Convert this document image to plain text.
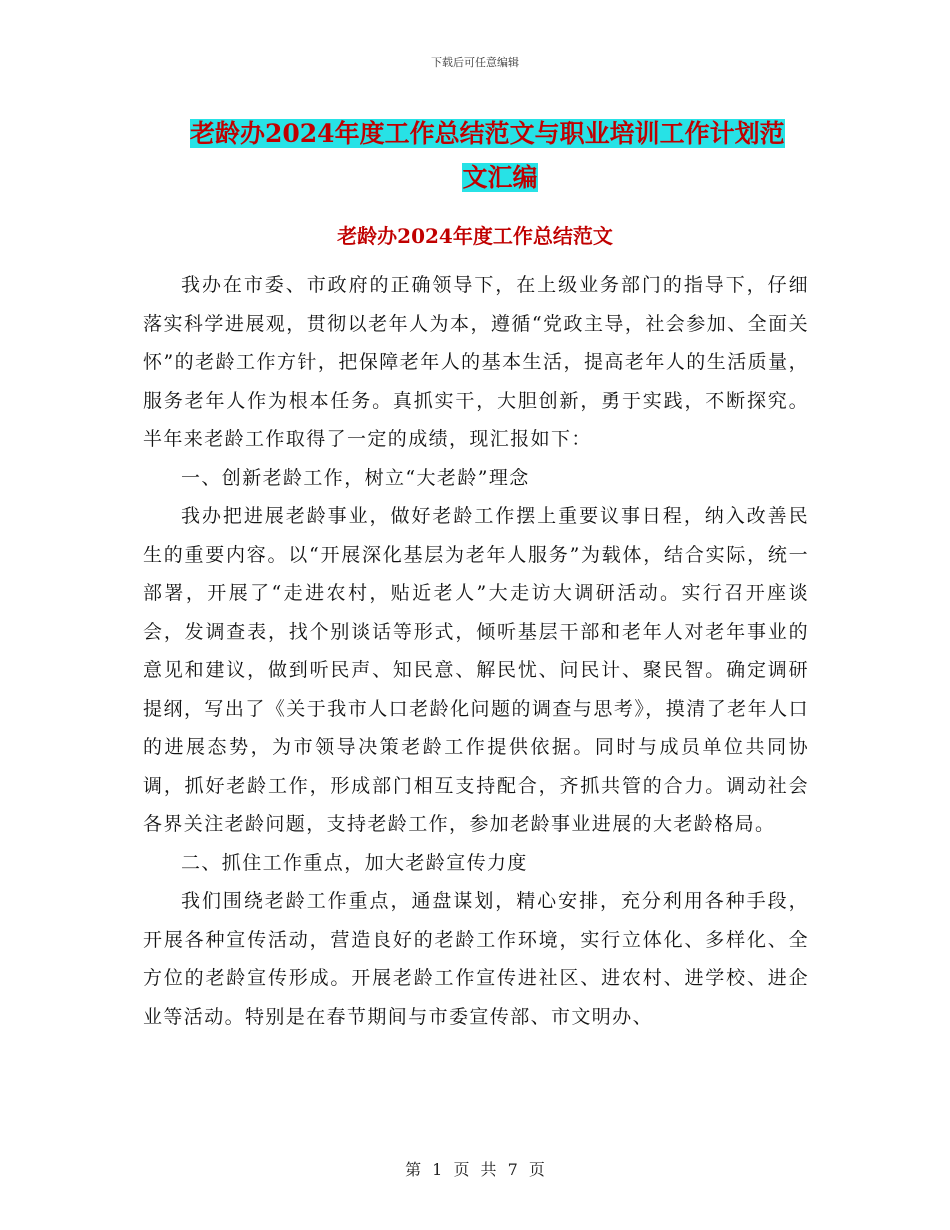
下载后可任意编辑
老龄办2024年度工作总结范文与职业培训工作计划范
文汇编
老龄办2024年度工作总结范文

我办在市委、市政府的正确领导下，在上级业务部门的指导下，仔细落实科学进展观，贯彻以老年人为本，遵循“党政主导，社会参加、全面关怀”的老龄工作方针，把保障老年人的基本生活，提高老年人的生活质量，服务老年人作为根本任务。真抓实干，大胆创新，勇于实践，不断探究。半年来老龄工作取得了一定的成绩，现汇报如下：

一、创新老龄工作，树立“大老龄”理念

我办把进展老龄事业，做好老龄工作摆上重要议事日程，纳入改善民生的重要内容。以“开展深化基层为老年人服务”为载体，结合实际，统一部署，开展了“走进农村，贴近老人”大走访大调研活动。实行召开座谈会，发调查表，找个别谈话等形式，倾听基层干部和老年人对老年事业的意见和建议，做到听民声、知民意、解民忧、问民计、聚民智。确定调研提纲，写出了《关于我市人口老龄化问题的调查与思考》，摸清了老年人口的进展态势，为市领导决策老龄工作提供依据。同时与成员单位共同协调，抓好老龄工作，形成部门相互支持配合，齐抓共管的合力。调动社会各界关注老龄问题，支持老龄工作，参加老龄事业进展的大老龄格局。

二、抓住工作重点，加大老龄宣传力度

我们围绕老龄工作重点，通盘谋划，精心安排，充分利用各种手段，开展各种宣传活动，营造良好的老龄工作环境，实行立体化、多样化、全方位的老龄宣传形成。开展老龄工作宣传进社区、进农村、进学校、进企业等活动。特别是在春节期间与市委宣传部、市文明办、

第 1 页 共 7 页
